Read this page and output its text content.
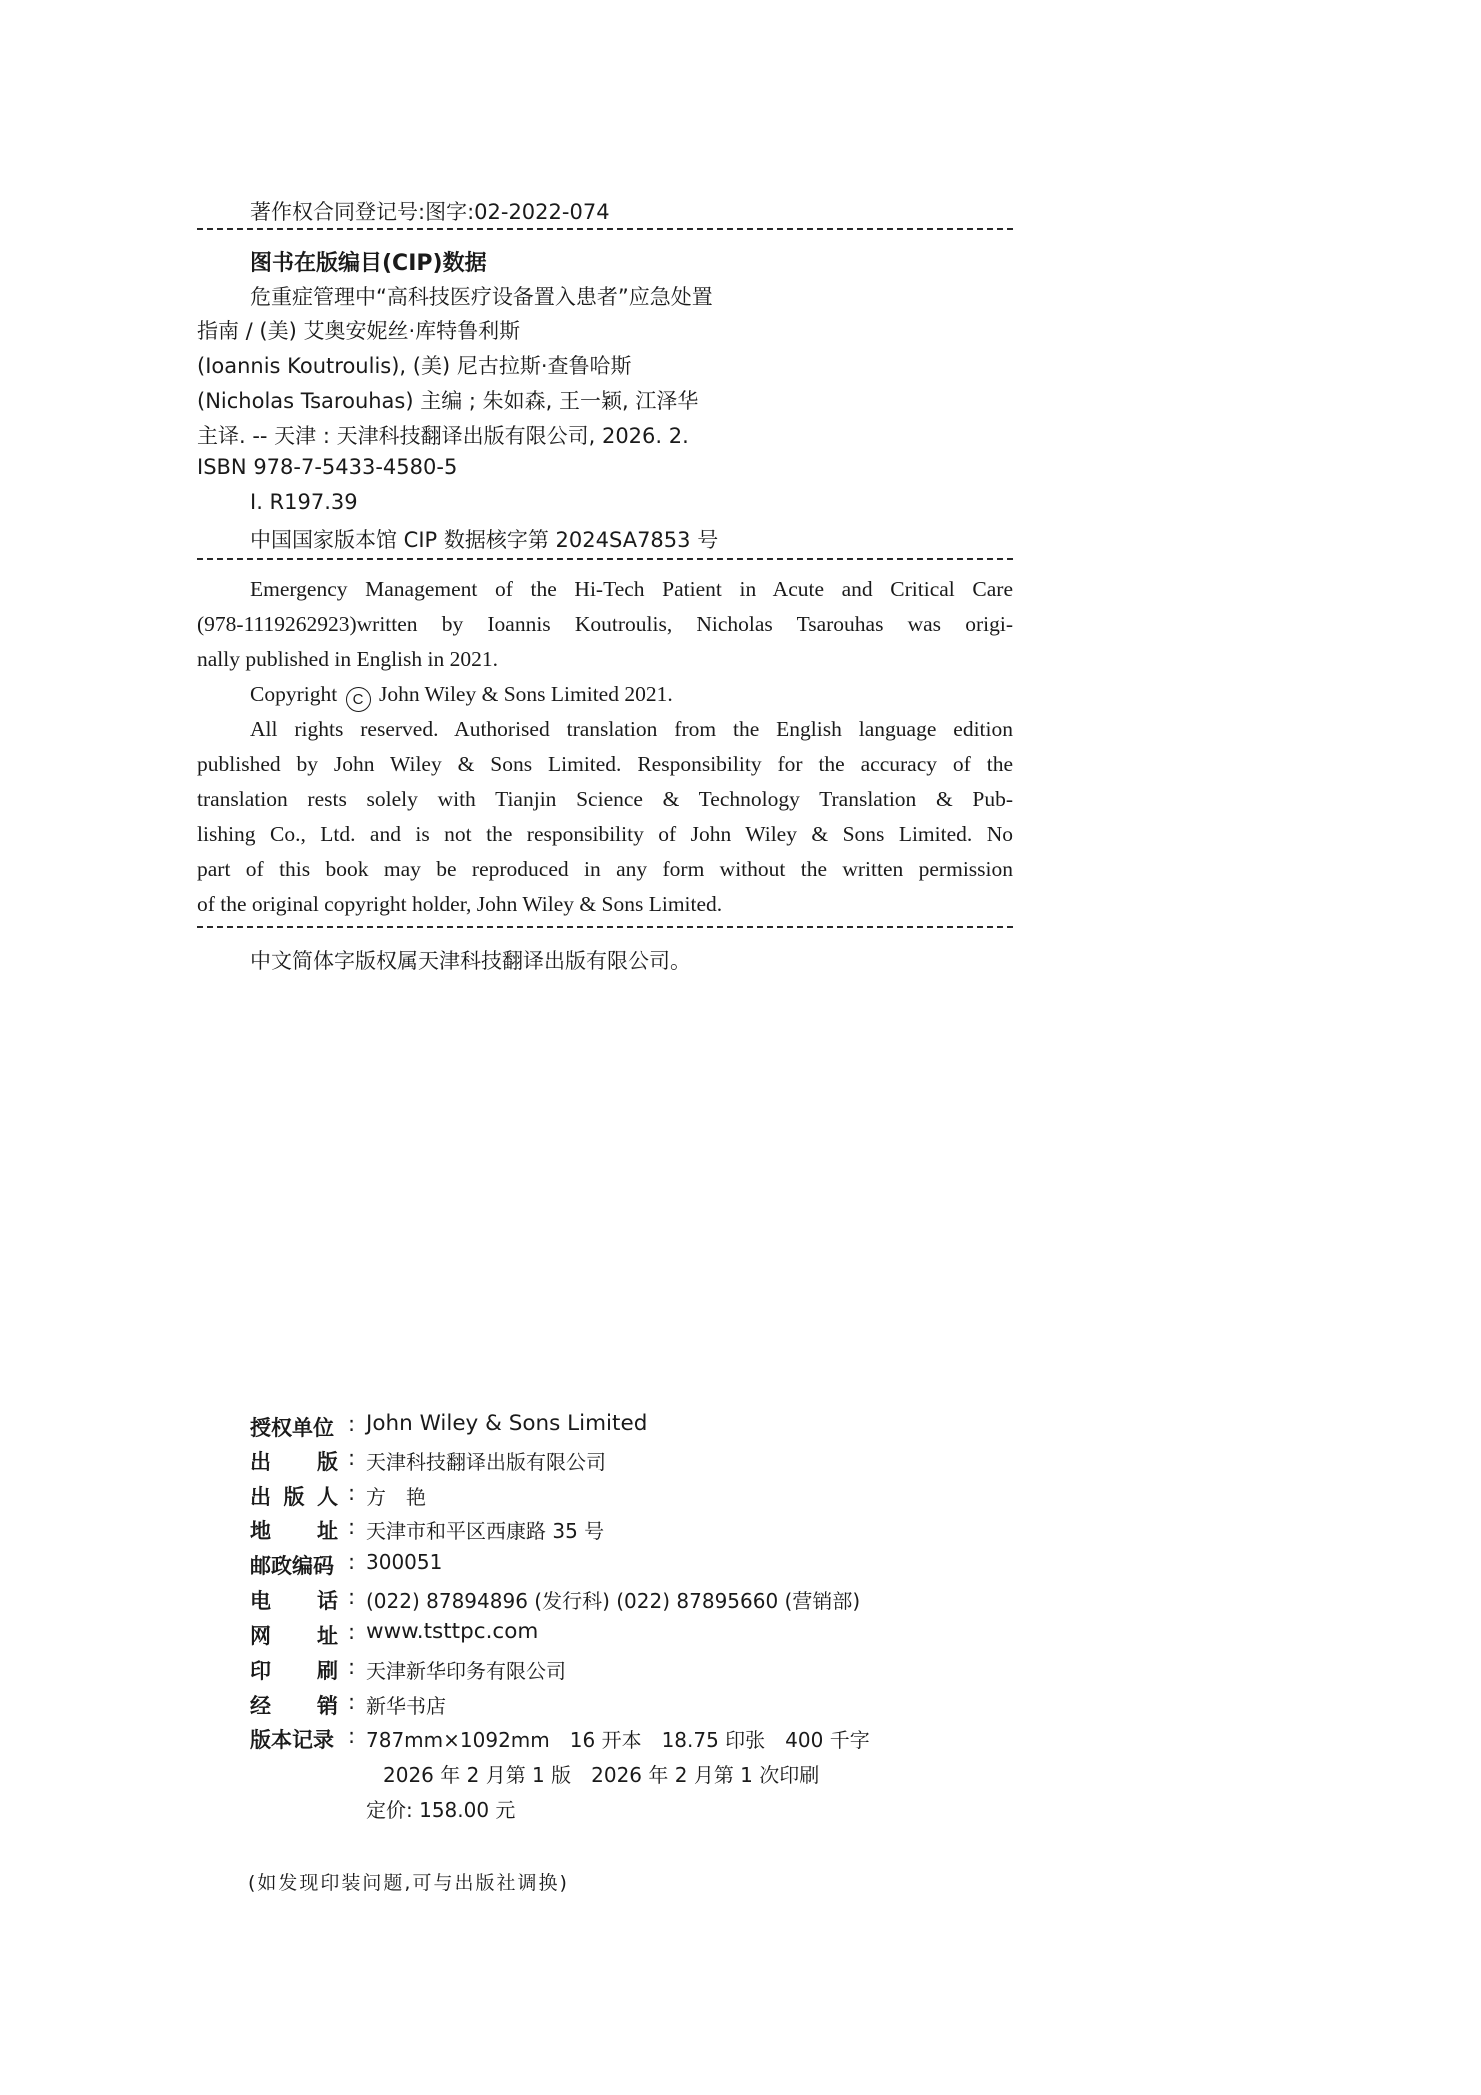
著作权合同登记号:图字:02-2022-074
图书在版编目(CIP)数据
危重症管理中“高科技医疗设备置入患者”应急处置
指南 / (美) 艾奥安妮丝·库特鲁利斯
(Ioannis Koutroulis), (美) 尼古拉斯·查鲁哈斯
(Nicholas Tsarouhas) 主编 ; 朱如森, 王一颖, 江泽华
主译. -- 天津 : 天津科技翻译出版有限公司, 2026. 2.
ISBN 978-7-5433-4580-5
Ⅰ. R197.39
中国国家版本馆 CIP 数据核字第 2024SA7853 号
Emergency Management of the Hi-Tech Patient in Acute and Critical Care
(978-1119262923)written by Ioannis Koutroulis, Nicholas Tsarouhas was origi-
nally published in English in 2021.
Copyright C John Wiley & Sons Limited 2021.
All rights reserved. Authorised translation from the English language edition
published by John Wiley & Sons Limited. Responsibility for the accuracy of the
translation rests solely with Tianjin Science & Technology Translation & Pub-
lishing Co., Ltd. and is not the responsibility of John Wiley & Sons Limited. No
part of this book may be reproduced in any form without the written permission
of the original copyright holder, John Wiley & Sons Limited.
中文简体字版权属天津科技翻译出版有限公司。
授权单位 : John Wiley & Sons Limited
出 版 : 天津科技翻译出版有限公司
出 版 人 : 方　艳
地 址 : 天津市和平区西康路 35 号
邮政编码 : 300051
电 话 : (022) 87894896 (发行科) (022) 87895660 (营销部)
网 址 : www.tsttpc.com
印 刷 : 天津新华印务有限公司
经 销 : 新华书店
版本记录 : 787mm×1092mm　16 开本　18.75 印张　400 千字
2026 年 2 月第 1 版　2026 年 2 月第 1 次印刷
定价: 158.00 元
(如发现印装问题,可与出版社调换)
